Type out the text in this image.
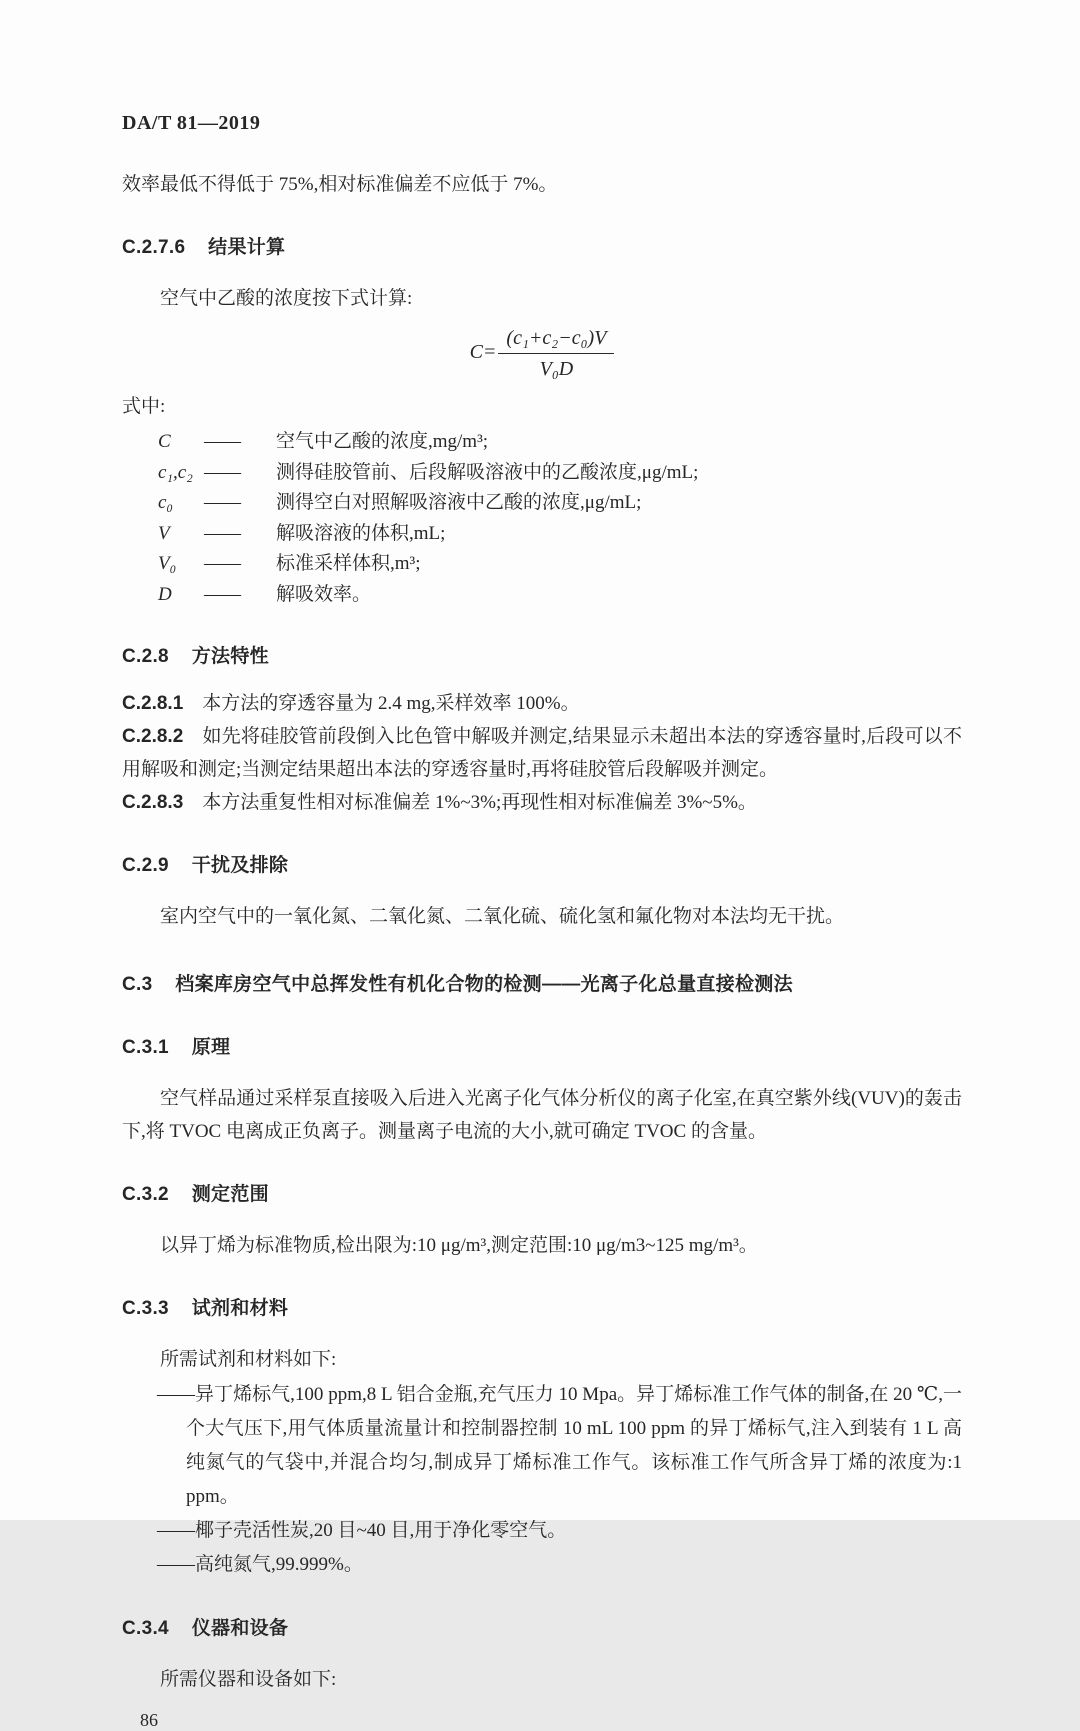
DA/T 81—2019

效率最低不得低于 75%,相对标准偏差不应低于 7%。

C.2.7.6 结果计算

空气中乙酸的浓度按下式计算:

$C= \frac{\text{(c₁+c₂−c₀)V}}{\text{V₀D}}$

式中:

C	——	空气中乙酸的浓度,mg/m³;
c₁,c₂ ——	测得硅胶管前、后段解吸溶液中的乙酸浓度,μg/mL;
c₀	——	测得空白对照解吸溶液中乙酸的浓度,μg/mL;
V	——	解吸溶液的体积,mL;
V₀	——	标准采样体积,m³;
D	——	解吸效率。
C.2.8 方法特性

C.2.8.1 本方法的穿透容量为 2.4 mg,采样效率 100%。

C.2.8.2 如先将硅胶管前段倒入比色管中解吸并测定,结果显示未超出本法的穿透容量时,后段可以不用解吸和测定;当测定结果超出本法的穿透容量时,再将硅胶管后段解吸并测定。

C.2.8.3 本方法重复性相对标准偏差 1%~3%;再现性相对标准偏差 3%~5%。

C.2.9 干扰及排除

室内空气中的一氧化氮、二氧化氮、二氧化硫、硫化氢和氟化物对本法均无干扰。

C.3 档案库房空气中总挥发性有机化合物的检测——光离子化总量直接检测法
C.3.1 原理

空气样品通过采样泵直接吸入后进入光离子化气体分析仪的离子化室,在真空紫外线(VUV)的轰击下,将 TVOC 电离成正负离子。测量离子电流的大小,就可确定 TVOC 的含量。

C.3.2 测定范围

以异丁烯为标准物质,检出限为:10 μg/m³,测定范围:10 μg/m3~125 mg/m³。

C.3.3 试剂和材料

所需试剂和材料如下:

——异丁烯标气,100 ppm,8 L 铝合金瓶,充气压力 10 Mpa。异丁烯标准工作气体的制备,在 20 ℃,一个大气压下,用气体质量流量计和控制器控制 10 mL 100 ppm 的异丁烯标气,注入到装有 1 L 高纯氮气的气袋中,并混合均匀,制成异丁烯标准工作气。该标准工作气所含异丁烯的浓度为:1 ppm。

——椰子壳活性炭,20 目~40 目,用于净化零空气。

——高纯氮气,99.999%。

C.3.4 仪器和设备

所需仪器和设备如下:

86
